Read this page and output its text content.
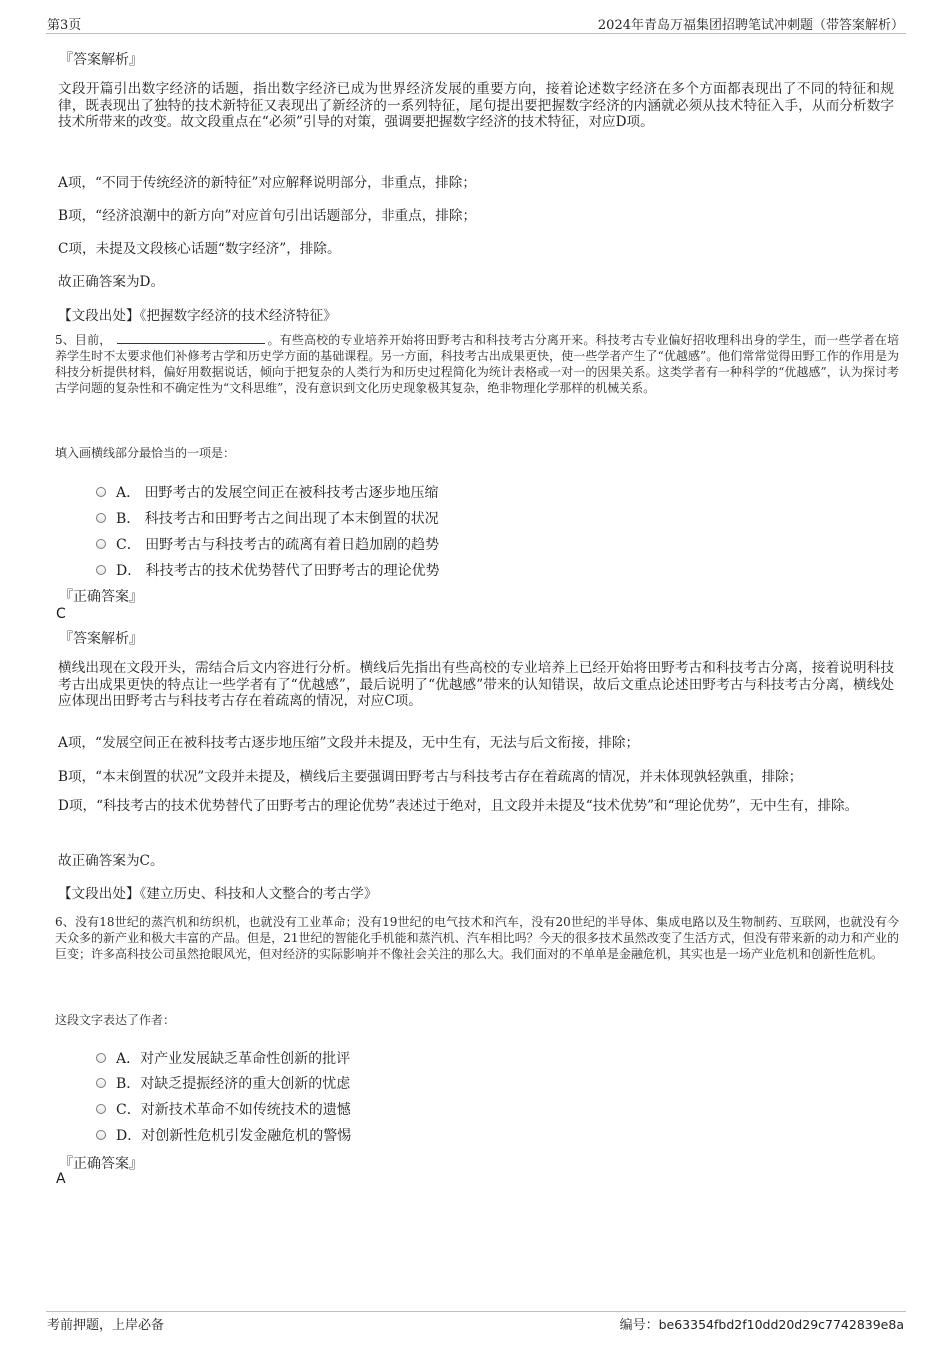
第3页	2024年青岛万福集团招聘笔试冲刺题（带答案解析）
『答案解析』
文段开篇引出数字经济的话题，指出数字经济已成为世界经济发展的重要方向，接着论述数字经济在多个方面都表现出了不同的特征和规律，既表现出了独特的技术新特征又表现出了新经济的一系列特征，尾句提出要把握数字经济的内涵就必须从技术特征入手，从而分析数字技术所带来的改变。故文段重点在“必须”引导的对策，强调要把握数字经济的技术特征，对应D项。
A项，“不同于传统经济的新特征”对应解释说明部分，非重点，排除；
B项，“经济浪潮中的新方向”对应首句引出话题部分，非重点，排除；
C项，未提及文段核心话题“数字经济”，排除。
故正确答案为D。
【文段出处】《把握数字经济的技术经济特征》
5、目前，	。有些高校的专业培养开始将田野考古和科技考古分离开来。科技考古专业偏好招收理科出身的学生，而一些学者在培养学生时不太要求他们补修考古学和历史学方面的基础课程。另一方面，科技考古出成果更快，使一些学者产生了“优越感”。他们常常觉得田野工作的作用是为科技分析提供材料，偏好用数据说话，倾向于把复杂的人类行为和历史过程简化为统计表格或一对一的因果关系。这类学者有一种科学的“优越感”，认为探讨考古学问题的复杂性和不确定性为“文科思维”，没有意识到文化历史现象极其复杂，绝非物理化学那样的机械关系。
填入画横线部分最恰当的一项是：
A． 田野考古的发展空间正在被科技考古逐步地压缩
B． 科技考古和田野考古之间出现了本末倒置的状况
C． 田野考古与科技考古的疏离有着日趋加剧的趋势
D． 科技考古的技术优势替代了田野考古的理论优势
『正确答案』
C
『答案解析』
横线出现在文段开头，需结合后文内容进行分析。横线后先指出有些高校的专业培养上已经开始将田野考古和科技考古分离，接着说明科技考古出成果更快的特点让一些学者有了“优越感”，最后说明了“优越感”带来的认知错误，故后文重点论述田野考古与科技考古分离，横线处应体现出田野考古与科技考古存在着疏离的情况，对应C项。
A项，“发展空间正在被科技考古逐步地压缩”文段并未提及，无中生有，无法与后文衔接，排除；
B项，“本末倒置的状况”文段并未提及，横线后主要强调田野考古与科技考古存在着疏离的情况，并未体现孰轻孰重，排除；
D项，“科技考古的技术优势替代了田野考古的理论优势”表述过于绝对，且文段并未提及“技术优势”和“理论优势”，无中生有，排除。
故正确答案为C。
【文段出处】《建立历史、科技和人文整合的考古学》
6、没有18世纪的蒸汽机和纺织机，也就没有工业革命；没有19世纪的电气技术和汽车，没有20世纪的半导体、集成电路以及生物制药、互联网，也就没有今天众多的新产业和极大丰富的产品。但是，21世纪的智能化手机能和蒸汽机、汽车相比吗？今天的很多技术虽然改变了生活方式，但没有带来新的动力和产业的巨变；许多高科技公司虽然抢眼风光，但对经济的实际影响并不像社会关注的那么大。我们面对的不单单是金融危机，其实也是一场产业危机和创新性危机。
这段文字表达了作者：
A．对产业发展缺乏革命性创新的批评
B．对缺乏提振经济的重大创新的忧虑
C．对新技术革命不如传统技术的遗憾
D．对创新性危机引发金融危机的警惕
『正确答案』
A
考前押题，上岸必备	编号：be63354fbd2f10dd20d29c7742839e8a
